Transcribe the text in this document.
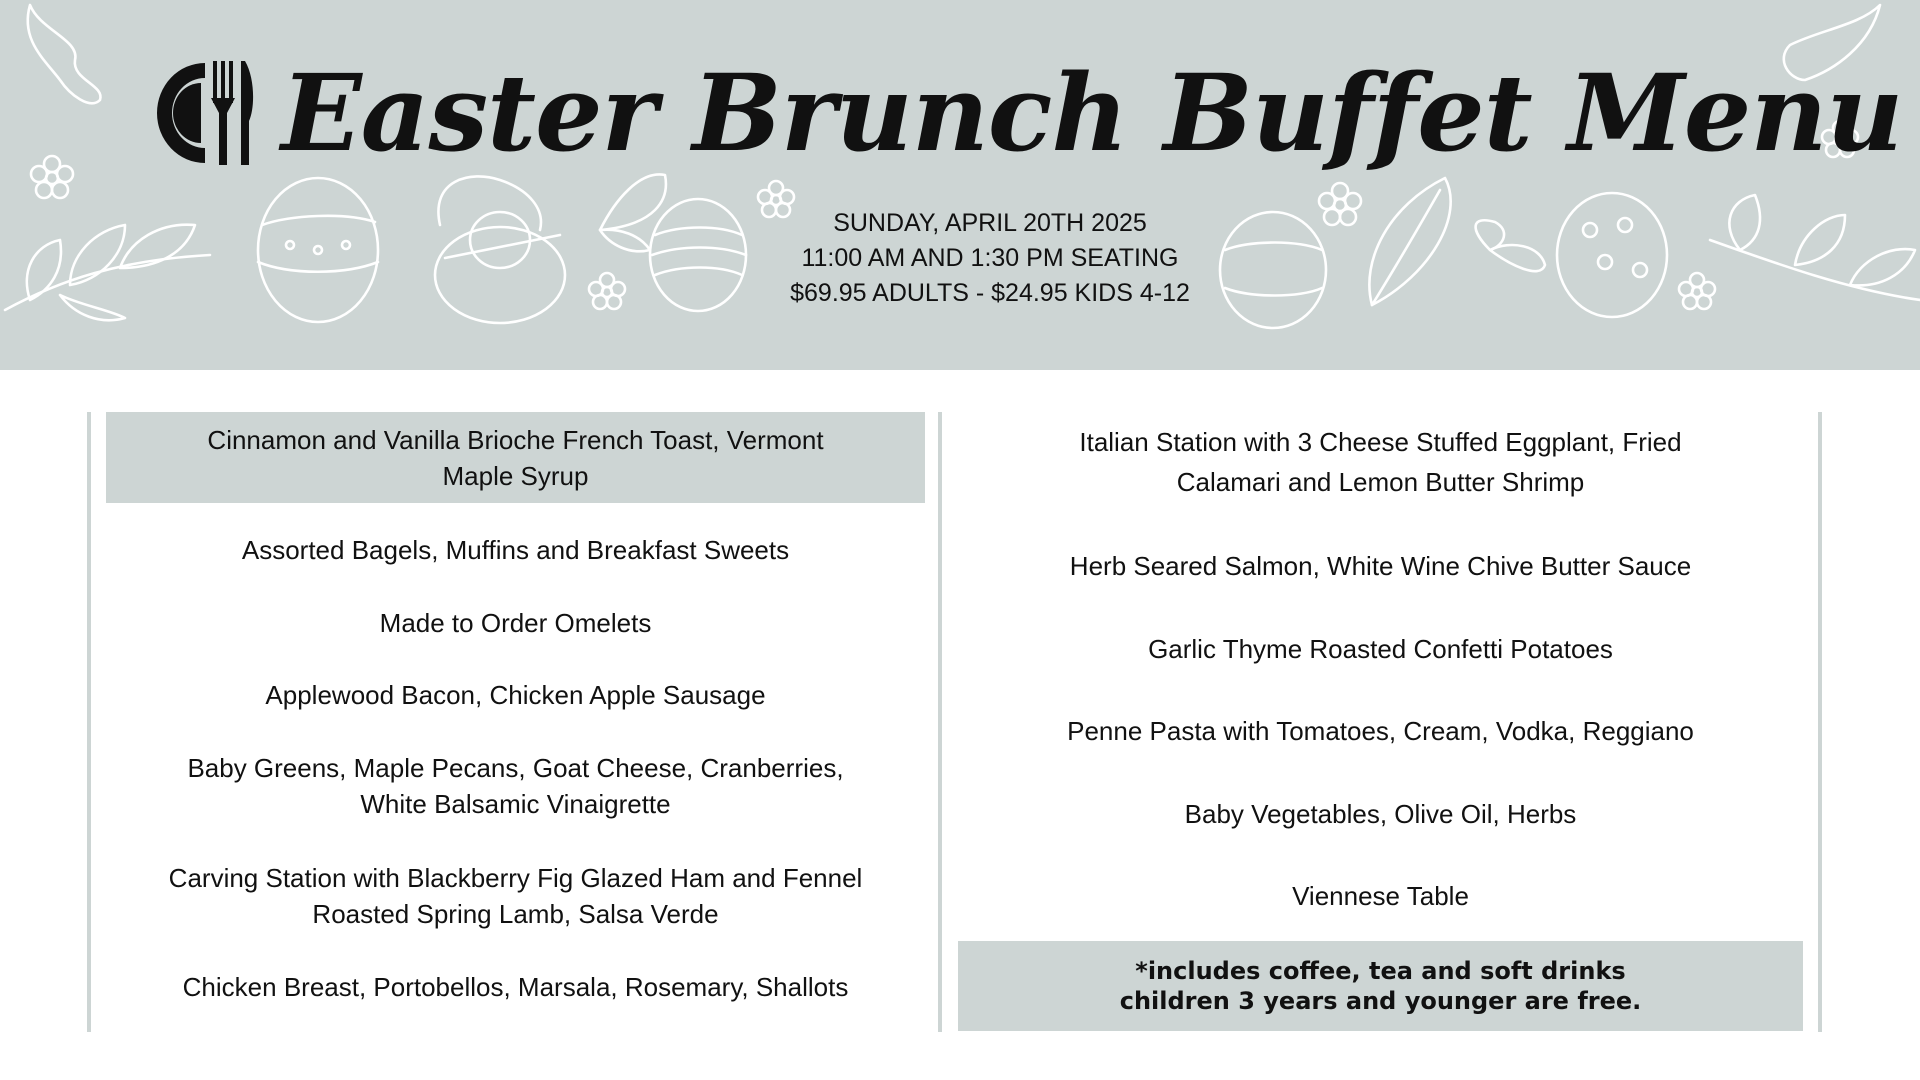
Easter Brunch Buffet Menu
SUNDAY, APRIL 20TH 2025
11:00 AM AND 1:30 PM SEATING
$69.95 ADULTS - $24.95 KIDS 4-12
Cinnamon and Vanilla Brioche French Toast, Vermont Maple Syrup
Assorted Bagels, Muffins and Breakfast Sweets
Made to Order Omelets
Applewood Bacon, Chicken Apple Sausage
Baby Greens, Maple Pecans, Goat Cheese, Cranberries, White Balsamic Vinaigrette
Carving Station with Blackberry Fig Glazed Ham and Fennel Roasted Spring Lamb, Salsa Verde
Chicken Breast, Portobellos, Marsala, Rosemary, Shallots
Italian Station with 3 Cheese Stuffed Eggplant, Fried Calamari and Lemon Butter Shrimp
Herb Seared Salmon, White Wine Chive Butter Sauce
Garlic Thyme Roasted Confetti Potatoes
Penne Pasta with Tomatoes, Cream, Vodka, Reggiano
Baby Vegetables, Olive Oil, Herbs
Viennese Table
*includes coffee, tea and soft drinks
children 3 years and younger are free.
